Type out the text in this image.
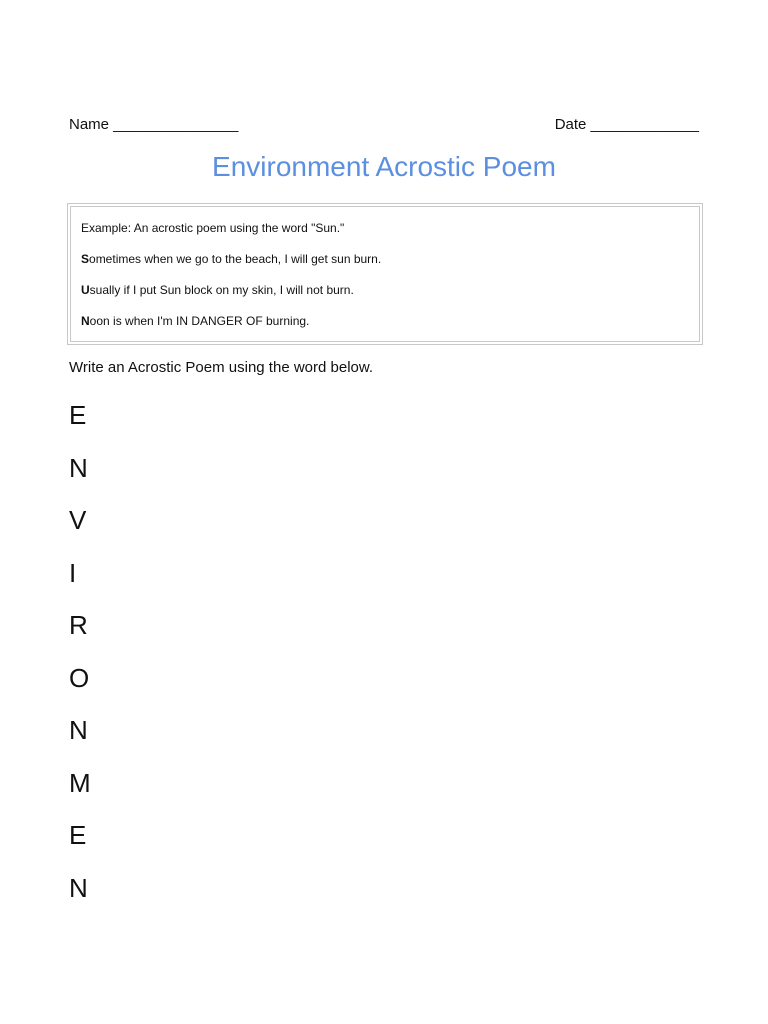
Name _______________	Date _____________
Environment Acrostic Poem
Example: An acrostic poem using the word "Sun."
Sometimes when we go to the beach, I will get sun burn.
Usually if I put Sun block on my skin, I will not burn.
Noon is when I'm IN DANGER OF burning.
Write an Acrostic Poem using the word below.
E
N
V
I
R
O
N
M
E
N
